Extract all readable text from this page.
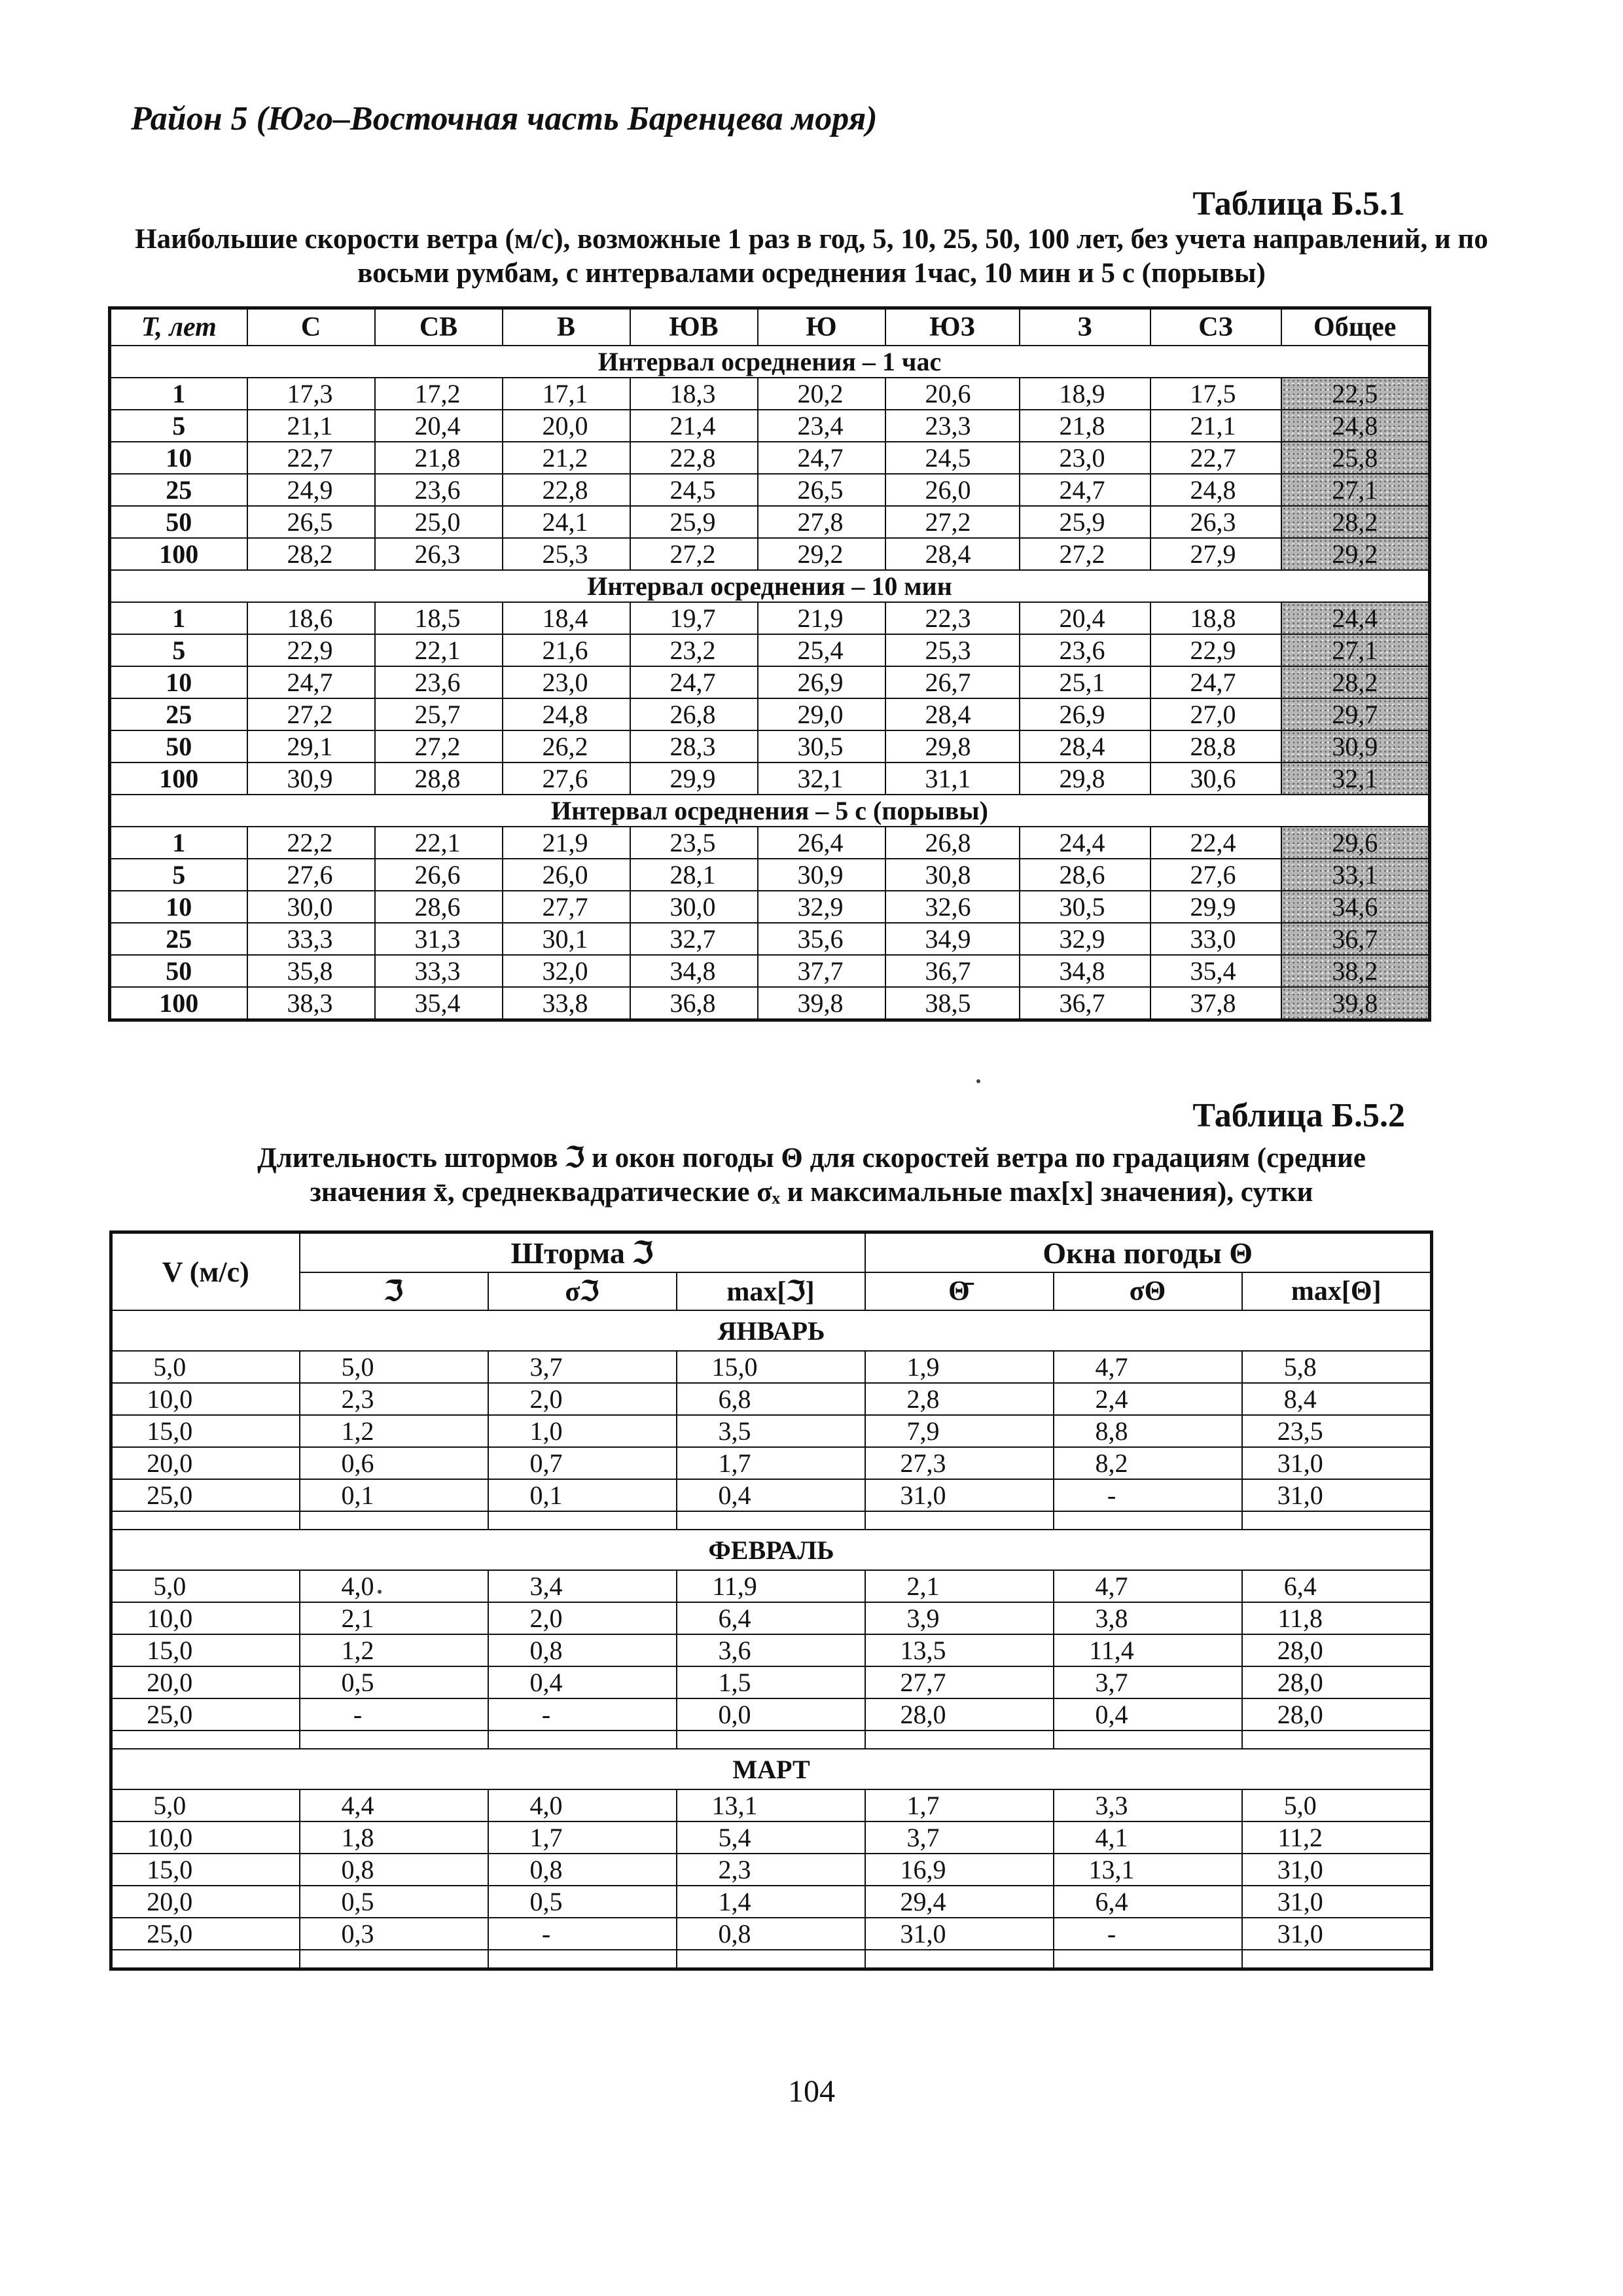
Район 5 (Юго–Восточная часть Баренцева моря)
Таблица Б.5.1
Наибольшие скорости ветра (м/с), возможные 1 раз в год, 5, 10, 25, 50, 100 лет, без учета направлений, и по восьми румбам, с интервалами осреднения 1час, 10 мин и 5 с (порывы)
T, лет	С	СВ	В	ЮВ	Ю	ЮЗ	З	СЗ	Общее
Интервал осреднения – 1 час									
1	17,3	17,2	17,1	18,3	20,2	20,6	18,9	17,5	22,5
5	21,1	20,4	20,0	21,4	23,4	23,3	21,8	21,1	24,8
10	22,7	21,8	21,2	22,8	24,7	24,5	23,0	22,7	25,8
25	24,9	23,6	22,8	24,5	26,5	26,0	24,7	24,8	27,1
50	26,5	25,0	24,1	25,9	27,8	27,2	25,9	26,3	28,2
100	28,2	26,3	25,3	27,2	29,2	28,4	27,2	27,9	29,2
Интервал осреднения – 10 мин									
1	18,6	18,5	18,4	19,7	21,9	22,3	20,4	18,8	24,4
5	22,9	22,1	21,6	23,2	25,4	25,3	23,6	22,9	27,1
10	24,7	23,6	23,0	24,7	26,9	26,7	25,1	24,7	28,2
25	27,2	25,7	24,8	26,8	29,0	28,4	26,9	27,0	29,7
50	29,1	27,2	26,2	28,3	30,5	29,8	28,4	28,8	30,9
100	30,9	28,8	27,6	29,9	32,1	31,1	29,8	30,6	32,1
Интервал осреднения – 5 с (порывы)									
1	22,2	22,1	21,9	23,5	26,4	26,8	24,4	22,4	29,6
5	27,6	26,6	26,0	28,1	30,9	30,8	28,6	27,6	33,1
10	30,0	28,6	27,7	30,0	32,9	32,6	30,5	29,9	34,6
25	33,3	31,3	30,1	32,7	35,6	34,9	32,9	33,0	36,7
50	35,8	33,3	32,0	34,8	37,7	36,7	34,8	35,4	38,2
100	38,3	35,4	33,8	36,8	39,8	38,5	36,7	37,8	39,8
Таблица Б.5.2
Длительность штормов ℑ и окон погоды Θ для скоростей ветра по градациям (средние
значения x̄, среднеквадратические σₓ и максимальные max[x] значения), сутки
V (м/с)	Шторма ℑ			Окна погоды Θ		
	ℑ̄	σℑ	max[ℑ]	Θ̄	σΘ	max[Θ]
ЯНВАРЬ						
5,0	5,0	3,7	15,0	1,9	4,7	5,8
10,0	2,3	2,0	6,8	2,8	2,4	8,4
15,0	1,2	1,0	3,5	7,9	8,8	23,5
20,0	0,6	0,7	1,7	27,3	8,2	31,0
25,0	0,1	0,1	0,4	31,0	-	31,0

ФЕВРАЛЬ						
5,0	4,0	3,4	11,9	2,1	4,7	6,4
10,0	2,1	2,0	6,4	3,9	3,8	11,8
15,0	1,2	0,8	3,6	13,5	11,4	28,0
20,0	0,5	0,4	1,5	27,7	3,7	28,0
25,0	-	-	0,0	28,0	0,4	28,0

МАРТ						
5,0	4,4	4,0	13,1	1,7	3,3	5,0
10,0	1,8	1,7	5,4	3,7	4,1	11,2
15,0	0,8	0,8	2,3	16,9	13,1	31,0
20,0	0,5	0,5	1,4	29,4	6,4	31,0
25,0	0,3	-	0,8	31,0	-	31,0

104
